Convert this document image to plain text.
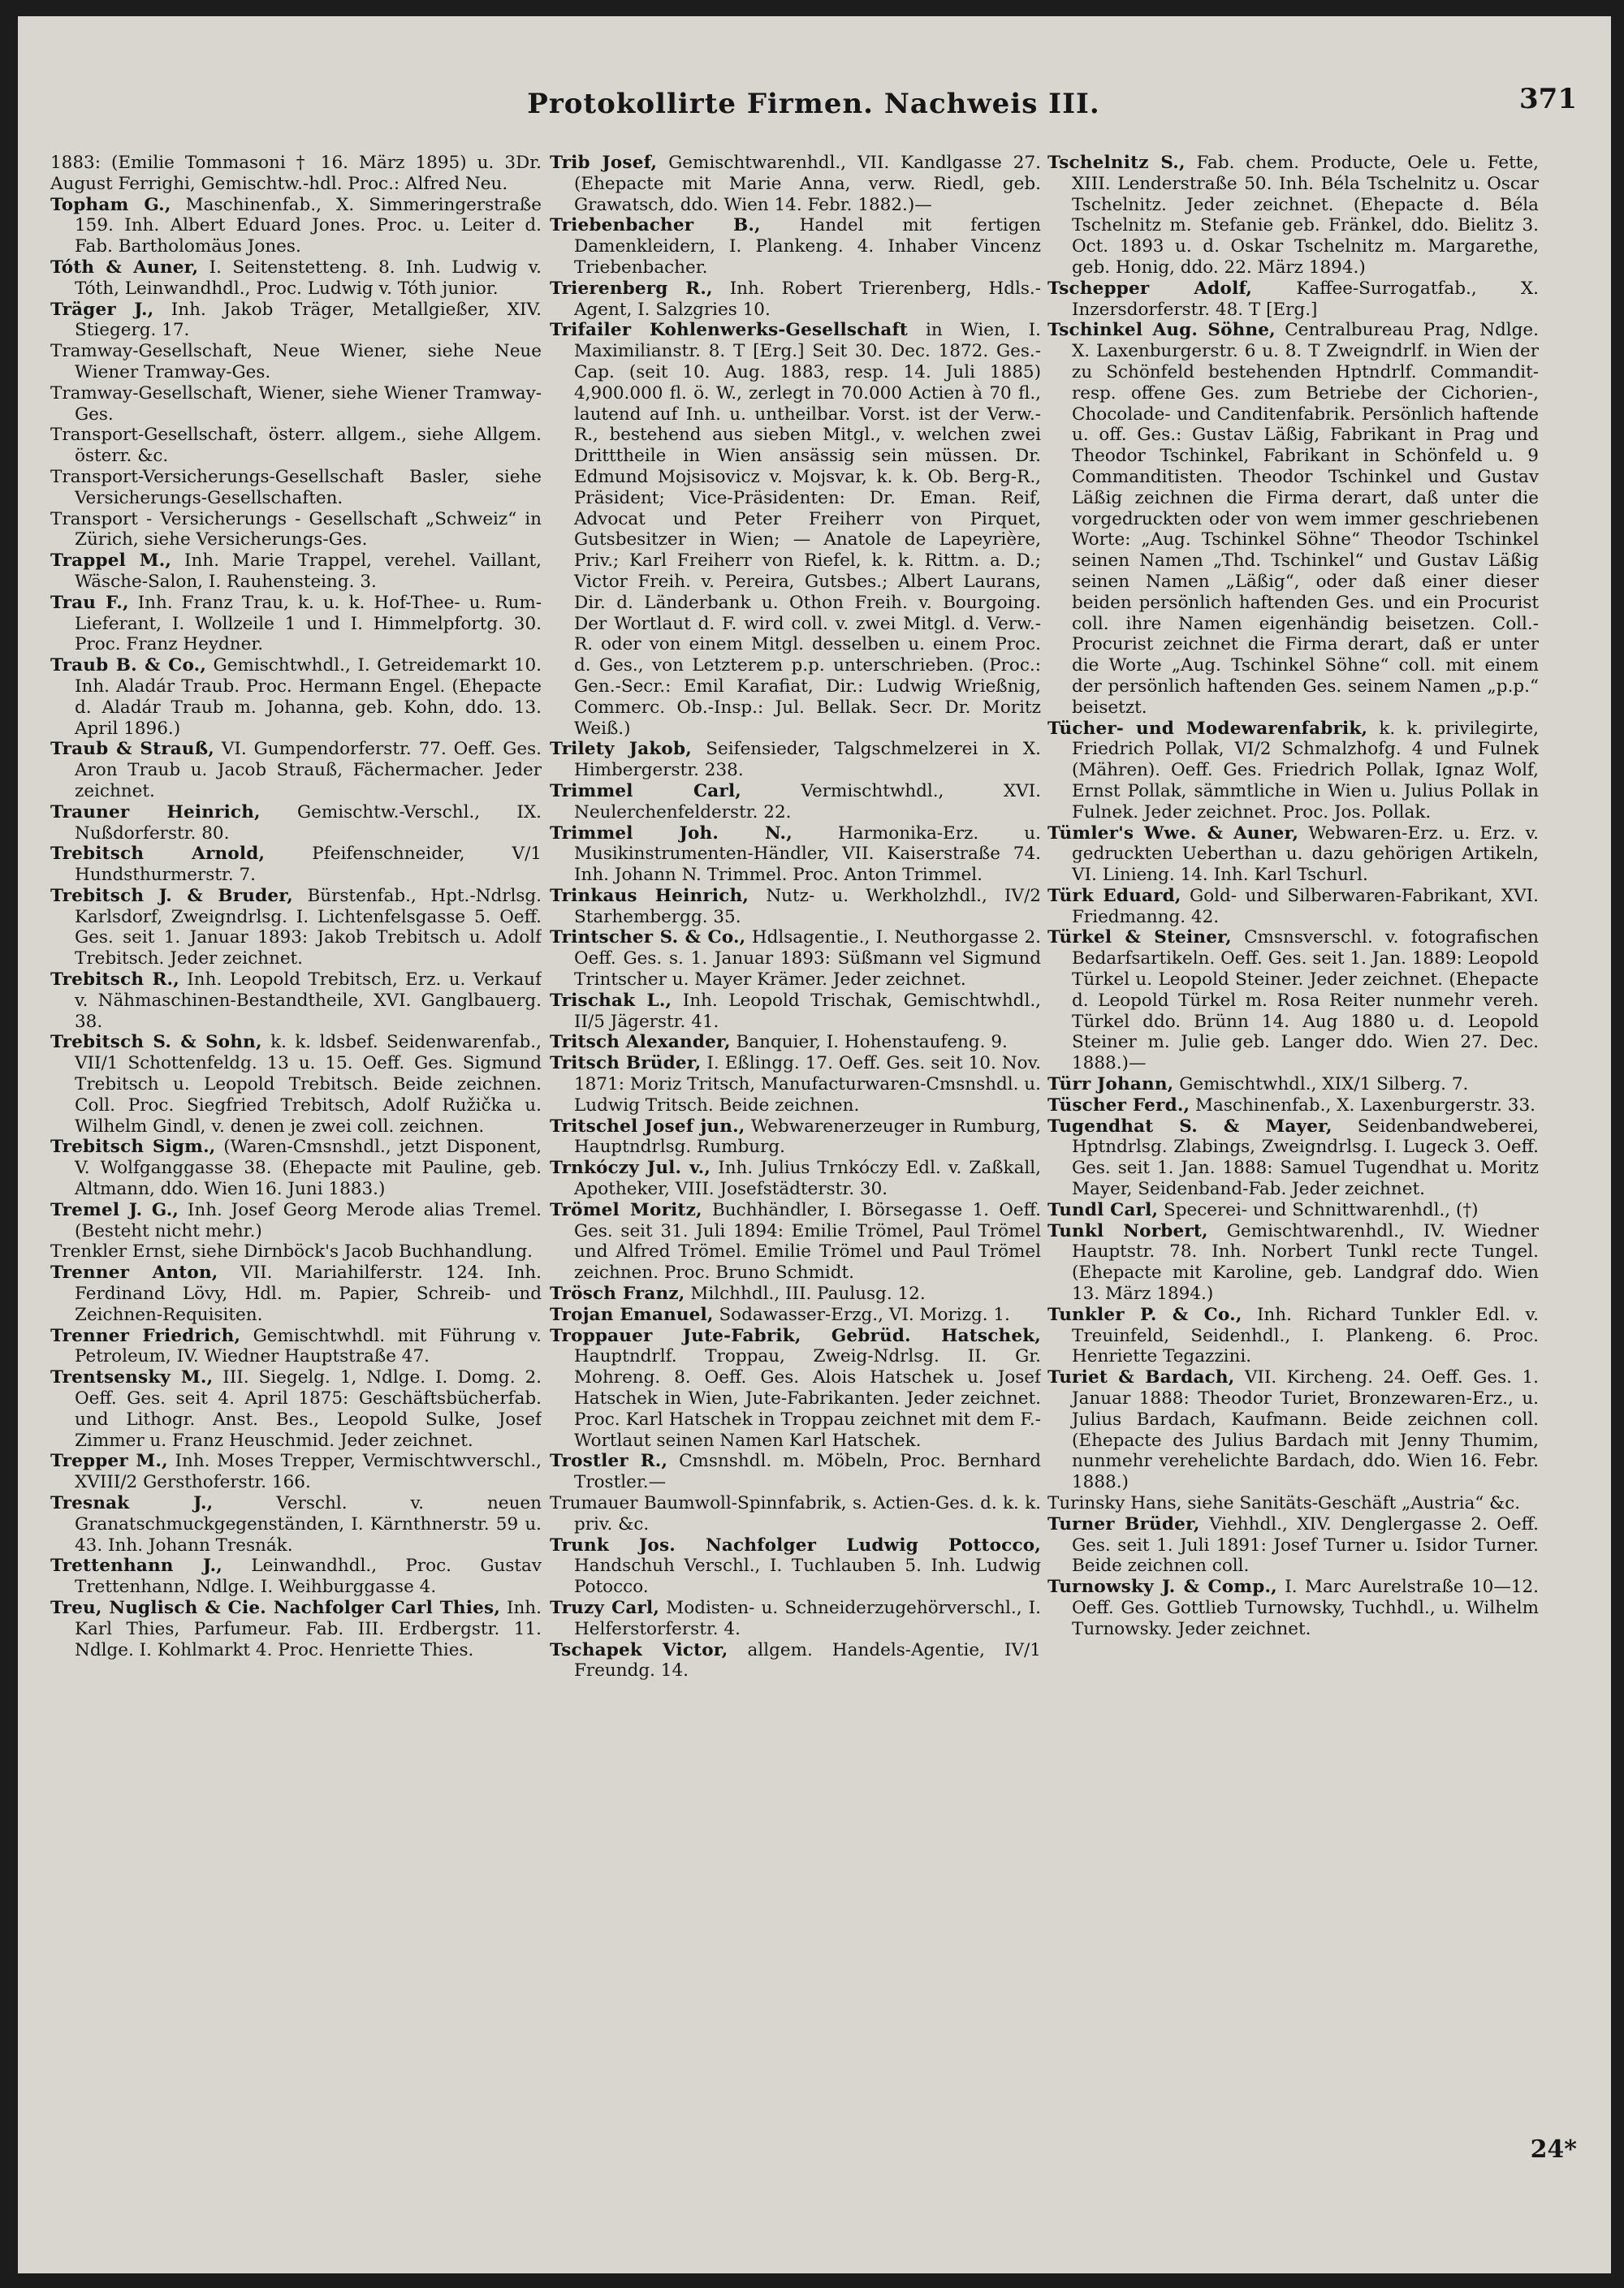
Protokollirte Firmen. Nachweis III.	371

1883: (Emilie Tommasoni † 16. März 1895) u. 3Dr. August Ferrighi, Gemischtw.-hdl. Proc.: Alfred Neu.

Topham G., Maschinenfab., X. Simmeringerstraße 159. Inh. Albert Eduard Jones. Proc. u. Leiter d. Fab. Bartholomäus Jones.

Tóth & Auner, I. Seitenstetteng. 8. Inh. Ludwig v. Tóth, Leinwandhdl., Proc. Ludwig v. Tóth junior.

Träger J., Inh. Jakob Träger, Metallgießer, XIV. Stiegerg. 17.

Tramway-Gesellschaft, Neue Wiener, siehe Neue Wiener Tramway-Ges.

Tramway-Gesellschaft, Wiener, siehe Wiener Tramway-Ges.

Transport-Gesellschaft, österr. allgem., siehe Allgem. österr. &c.

Transport-Versicherungs-Gesellschaft Basler, siehe Versicherungs-Gesellschaften.

Transport - Versicherungs - Gesellschaft „Schweiz“ in Zürich, siehe Versicherungs-Ges.

Trappel M., Inh. Marie Trappel, verehel. Vaillant, Wäsche-Salon, I. Rauhensteing. 3.

Trau F., Inh. Franz Trau, k. u. k. Hof-Thee- u. Rum-Lieferant, I. Wollzeile 1 und I. Himmelpfortg. 30. Proc. Franz Heydner.

Traub B. & Co., Gemischtwhdl., I. Getreidemarkt 10. Inh. Aladár Traub. Proc. Hermann Engel. (Ehepacte d. Aladár Traub m. Johanna, geb. Kohn, ddo. 13. April 1896.)

Traub & Strauß, VI. Gumpendorferstr. 77. Oeff. Ges. Aron Traub u. Jacob Strauß, Fächermacher. Jeder zeichnet.

Trauner Heinrich, Gemischtw.-Verschl., IX. Nußdorferstr. 80.

Trebitsch Arnold,	Pfeifenschneider, V/1 Hundsthurmerstr. 7.

Trebitsch J. & Bruder, Bürstenfab., Hpt.-Ndrlsg. Karlsdorf, Zweigndrlsg. I. Lichtenfelsgasse 5. Oeff. Ges. seit 1. Januar 1893: Jakob Trebitsch u. Adolf Trebitsch. Jeder zeichnet.

Trebitsch R., Inh. Leopold Trebitsch, Erz. u. Verkauf v. Nähmaschinen-Bestandtheile, XVI. Ganglbauerg. 38.

Trebitsch S. & Sohn, k. k. ldsbef. Seidenwarenfab., VII/1 Schottenfeldg. 13 u. 15. Oeff. Ges. Sigmund Trebitsch u. Leopold Trebitsch. Beide zeichnen. Coll. Proc. Siegfried Trebitsch, Adolf Ružička u. Wilhelm Gindl, v. denen je zwei coll. zeichnen.

Trebitsch Sigm., (Waren-Cmsnshdl., jetzt Disponent, V. Wolfganggasse 38. (Ehepacte mit Pauline, geb. Altmann, ddo. Wien 16. Juni 1883.)

Tremel J. G., Inh. Josef Georg Merode alias Tremel. (Besteht nicht mehr.)

Trenkler Ernst, siehe Dirnböck's Jacob Buchhandlung.

Trenner Anton, VII. Mariahilferstr. 124. Inh. Ferdinand Lövy, Hdl. m. Papier, Schreib- und Zeichnen-Requisiten.

Trenner Friedrich, Gemischtwhdl. mit Führung v. Petroleum, IV. Wiedner Hauptstraße 47.

Trentsensky M., III. Siegelg. 1, Ndlge. I. Domg. 2. Oeff. Ges. seit 4. April 1875: Geschäftsbücherfab. und Lithogr. Anst. Bes., Leopold Sulke, Josef Zimmer u. Franz Heuschmid. Jeder zeichnet.

Trepper M., Inh. Moses Trepper, Vermischtwverschl., XVIII/2 Gersthoferstr. 166.

Tresnak J.,	Verschl. v. neuen Granatschmuckgegenständen, I. Kärnthnerstr. 59 u. 43. Inh. Johann Tresnák.

Trettenhann J., Leinwandhdl., Proc. Gustav Trettenhann, Ndlge. I. Weihburggasse 4.

Treu, Nuglisch & Cie. Nachfolger Carl Thies, Inh. Karl Thies, Parfumeur. Fab. III. Erdbergstr. 11. Ndlge. I. Kohlmarkt 4. Proc. Henriette Thies.

Trib Josef, Gemischtwarenhdl., VII. Kandlgasse 27. (Ehepacte mit Marie Anna, verw. Riedl, geb. Grawatsch, ddo. Wien 14. Febr. 1882.)—

Triebenbacher B., Handel mit fertigen Damenkleidern, I. Plankeng. 4. Inhaber Vincenz Triebenbacher.

Trierenberg R., Inh. Robert Trierenberg, Hdls.-Agent, I. Salzgries 10.

Trifailer Kohlenwerks-Gesellschaft in Wien, I. Maximilianstr. 8. T [Erg.] Seit 30. Dec. 1872. Ges.-Cap. (seit 10. Aug. 1883, resp. 14. Juli 1885) 4,900.000 fl. ö. W., zerlegt in 70.000 Actien à 70 fl., lautend auf Inh. u. untheilbar. Vorst. ist der Verw.-R., bestehend aus sieben Mitgl., v. welchen zwei Dritttheile in Wien ansässig sein müssen. Dr. Edmund Mojsisovicz v. Mojsvar, k. k. Ob. Berg-R., Präsident; Vice-Präsidenten: Dr. Eman. Reif, Advocat und Peter Freiherr von Pirquet, Gutsbesitzer in Wien; — Anatole de Lapeyrière, Priv.; Karl Freiherr von Riefel, k. k. Rittm. a. D.; Victor Freih. v. Pereira, Gutsbes.; Albert Laurans, Dir. d. Länderbank u. Othon Freih. v. Bourgoing. Der Wortlaut d. F. wird coll. v. zwei Mitgl. d. Verw.-R. oder von einem Mitgl. desselben u. einem Proc. d. Ges., von Letzterem p.p. unterschrieben. (Proc.: Gen.-Secr.: Emil Karafiat, Dir.: Ludwig Wrießnig, Commerc. Ob.-Insp.: Jul. Bellak. Secr. Dr. Moritz Weiß.)

Trilety Jakob, Seifensieder, Talgschmelzerei in X. Himbergerstr. 238.

Trimmel Carl,	Vermischtwhdl., XVI. Neulerchenfelderstr. 22.

Trimmel Joh. N.,	Harmonika-Erz. u. Musikinstrumenten-Händler, VII. Kaiserstraße 74. Inh. Johann N. Trimmel. Proc. Anton Trimmel.

Trinkaus Heinrich, Nutz- u. Werkholzhdl., IV/2 Starhembergg. 35.

Trintscher S. & Co., Hdlsagentie., I. Neuthorgasse 2. Oeff. Ges. s. 1. Januar 1893: Süßmann vel Sigmund Trintscher u. Mayer Krämer. Jeder zeichnet.

Trischak L., Inh. Leopold Trischak, Gemischtwhdl., II/5 Jägerstr. 41.

Tritsch Alexander, Banquier, I. Hohenstaufeng. 9.

Tritsch Brüder, I. Eßlingg. 17. Oeff. Ges. seit 10. Nov. 1871: Moriz Tritsch, Manufacturwaren-Cmsnshdl. u. Ludwig Tritsch. Beide zeichnen.

Tritschel Josef jun., Webwarenerzeuger in Rumburg, Hauptndrlsg. Rumburg.

Trnkóczy Jul. v., Inh. Julius Trnkóczy Edl. v. Zaßkall, Apotheker, VIII. Josefstädterstr. 30.

Trömel Moritz, Buchhändler, I. Börsegasse 1. Oeff. Ges. seit 31. Juli 1894: Emilie Trömel, Paul Trömel und Alfred Trömel. Emilie Trömel und Paul Trömel zeichnen. Proc. Bruno Schmidt.

Trösch Franz, Milchhdl., III. Paulusg. 12.

Trojan Emanuel, Sodawasser-Erzg., VI. Morizg. 1.

Troppauer Jute-Fabrik, Gebrüd. Hatschek, Hauptndrlf. Troppau, Zweig-Ndrlsg. II. Gr. Mohreng. 8. Oeff. Ges. Alois Hatschek u. Josef Hatschek in Wien, Jute-Fabrikanten. Jeder zeichnet. Proc. Karl Hatschek in Troppau zeichnet mit dem F.-Wortlaut seinen Namen Karl Hatschek.

Trostler R., Cmsnshdl. m. Möbeln, Proc. Bernhard Trostler.—

Trumauer Baumwoll-Spinnfabrik, s. Actien-Ges. d. k. k. priv. &c.

Trunk Jos. Nachfolger Ludwig Pottocco, Handschuh Verschl., I. Tuchlauben 5. Inh. Ludwig Potocco.

Truzy Carl, Modisten- u. Schneiderzugehörverschl., I. Helferstorferstr. 4.

Tschapek Victor, allgem. Handels-Agentie, IV/1 Freundg. 14.

Tschelnitz S., Fab. chem. Producte, Oele u. Fette, XIII. Lenderstraße 50. Inh. Béla Tschelnitz u. Oscar Tschelnitz. Jeder zeichnet. (Ehepacte d. Béla Tschelnitz m. Stefanie geb. Fränkel, ddo. Bielitz 3. Oct. 1893 u. d. Oskar Tschelnitz m. Margarethe, geb. Honig, ddo. 22. März 1894.)

Tschepper Adolf,	Kaffee-Surrogatfab., X. Inzersdorferstr. 48. T [Erg.]

Tschinkel Aug. Söhne, Centralbureau Prag, Ndlge. X. Laxenburgerstr. 6 u. 8. T Zweigndrlf. in Wien der zu Schönfeld bestehenden Hptndrlf. Commandit- resp. offene Ges. zum Betriebe der Cichorien-, Chocolade- und Canditenfabrik. Persönlich haftende u. off. Ges.: Gustav Läßig, Fabrikant in Prag und Theodor Tschinkel, Fabrikant in Schönfeld u. 9 Commanditisten. Theodor Tschinkel und Gustav Läßig zeichnen die Firma derart, daß unter die vorgedruckten oder von wem immer geschriebenen Worte: „Aug. Tschinkel Söhne“ Theodor Tschinkel seinen Namen „Thd. Tschinkel“ und Gustav Läßig seinen Namen „Läßig“, oder daß einer dieser beiden persönlich haftenden Ges. und ein Procurist coll. ihre Namen eigenhändig beisetzen. Coll.-Procurist zeichnet die Firma derart, daß er unter die Worte „Aug. Tschinkel Söhne“ coll. mit einem der persönlich haftenden Ges. seinem Namen „p.p.“ beisetzt.

Tücher- und Modewarenfabrik, k. k. privilegirte, Friedrich Pollak, VI/2 Schmalzhofg. 4 und Fulnek (Mähren). Oeff. Ges. Friedrich Pollak, Ignaz Wolf, Ernst Pollak, sämmtliche in Wien u. Julius Pollak in Fulnek. Jeder zeichnet. Proc. Jos. Pollak.

Tümler's Wwe. & Auner, Webwaren-Erz. u. Erz. v. gedruckten Ueberthan u. dazu gehörigen Artikeln, VI. Linieng. 14. Inh. Karl Tschurl.

Türk Eduard, Gold- und Silberwaren-Fabrikant, XVI. Friedmanng. 42.

Türkel & Steiner, Cmsnsverschl. v. fotografischen Bedarfsartikeln. Oeff. Ges. seit 1. Jan. 1889: Leopold Türkel u. Leopold Steiner. Jeder zeichnet. (Ehepacte d. Leopold Türkel m. Rosa Reiter nunmehr vereh. Türkel ddo. Brünn 14. Aug 1880 u. d. Leopold Steiner m. Julie geb. Langer ddo. Wien 27. Dec. 1888.)—

Türr Johann, Gemischtwhdl., XIX/1 Silberg. 7.

Tüscher Ferd., Maschinenfab., X. Laxenburgerstr. 33.

Tugendhat S. & Mayer, Seidenbandweberei, Hptndrlsg. Zlabings, Zweigndrlsg. I. Lugeck 3. Oeff. Ges. seit 1. Jan. 1888: Samuel Tugendhat u. Moritz Mayer, Seidenband-Fab. Jeder zeichnet.

Tundl Carl, Specerei- und Schnittwarenhdl., (†)

Tunkl Norbert, Gemischtwarenhdl., IV. Wiedner Hauptstr. 78. Inh. Norbert Tunkl recte Tungel. (Ehepacte mit Karoline, geb. Landgraf ddo. Wien 13. März 1894.)

Tunkler P. & Co., Inh. Richard Tunkler Edl. v. Treuinfeld, Seidenhdl., I. Plankeng. 6. Proc. Henriette Tegazzini.

Turiet & Bardach, VII. Kircheng. 24. Oeff. Ges. 1. Januar 1888: Theodor Turiet, Bronzewaren-Erz., u. Julius Bardach, Kaufmann. Beide zeichnen coll. (Ehepacte des Julius Bardach mit Jenny Thumim, nunmehr verehelichte Bardach, ddo. Wien 16. Febr. 1888.)

Turinsky Hans, siehe Sanitäts-Geschäft „Austria“ &c.

Turner Brüder, Viehhdl., XIV. Denglergasse 2. Oeff. Ges. seit 1. Juli 1891: Josef Turner u. Isidor Turner. Beide zeichnen coll.

Turnowsky J. & Comp., I. Marc Aurelstraße 10—12. Oeff. Ges. Gottlieb Turnowsky, Tuchhdl., u. Wilhelm Turnowsky. Jeder zeichnet.

24*
